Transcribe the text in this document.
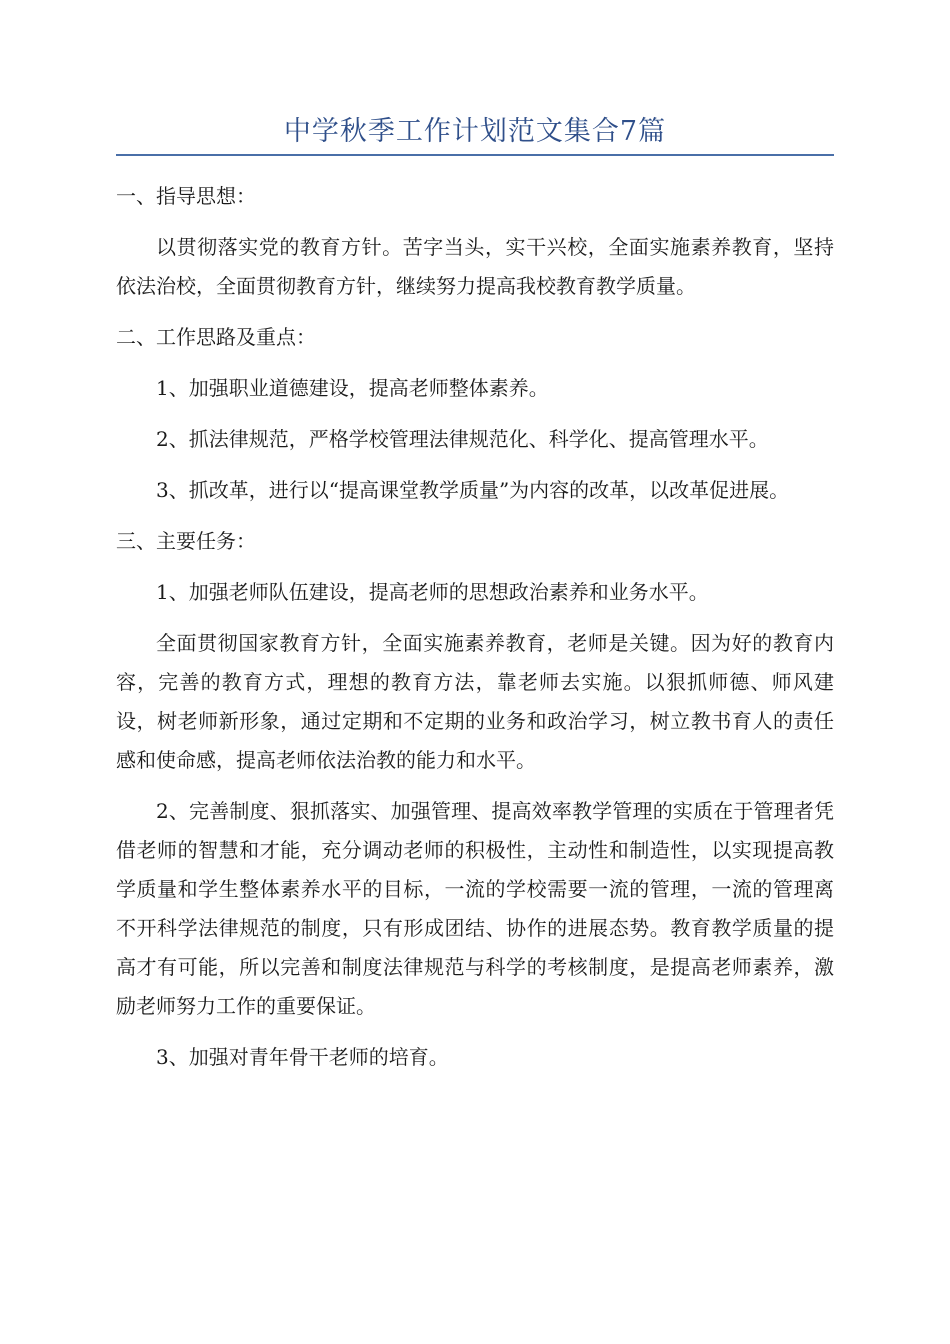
中学秋季工作计划范文集合7篇

一、指导思想：

以贯彻落实党的教育方针。苦字当头，实干兴校，全面实施素养教育，坚持依法治校，全面贯彻教育方针，继续努力提高我校教育教学质量。

二、工作思路及重点：

1、加强职业道德建设，提高老师整体素养。

2、抓法律规范，严格学校管理法律规范化、科学化、提高管理水平。

3、抓改革，进行以“提高课堂教学质量”为内容的改革，以改革促进展。

三、主要任务：

1、加强老师队伍建设，提高老师的思想政治素养和业务水平。

全面贯彻国家教育方针，全面实施素养教育，老师是关键。因为好的教育内容，完善的教育方式，理想的教育方法，靠老师去实施。以狠抓师德、师风建设，树老师新形象，通过定期和不定期的业务和政治学习，树立教书育人的责任感和使命感，提高老师依法治教的能力和水平。

2、完善制度、狠抓落实、加强管理、提高效率教学管理的实质在于管理者凭借老师的智慧和才能，充分调动老师的积极性，主动性和制造性，以实现提高教学质量和学生整体素养水平的目标，一流的学校需要一流的管理，一流的管理离不开科学法律规范的制度，只有形成团结、协作的进展态势。教育教学质量的提高才有可能，所以完善和制度法律规范与科学的考核制度，是提高老师素养，激励老师努力工作的重要保证。

3、加强对青年骨干老师的培育。
